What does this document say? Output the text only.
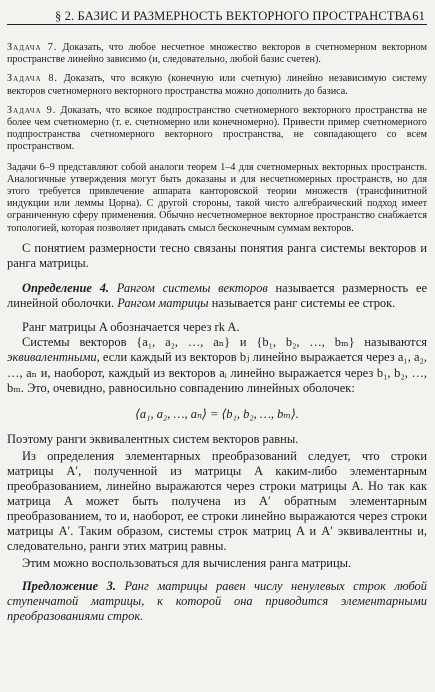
§ 2. БАЗИС И РАЗМЕРНОСТЬ ВЕКТОРНОГО ПРОСТРАНСТВА 61

Задача 7. Доказать, что любое несчетное множество векторов в счетномерном векторном пространстве линейно зависимо (и, следовательно, любой базис счетен).

Задача 8. Доказать, что всякую (конечную или счетную) линейно независимую систему векторов счетномерного векторного пространства можно дополнить до базиса.

Задача 9. Доказать, что всякое подпространство счетномерного векторного пространства не более чем счетномерно (т. е. счетномерно или конечномерно). Привести пример счетномерного подпространства счетномерного векторного пространства, не совпадающего со всем пространством.

Задачи 6–9 представляют собой аналоги теорем 1–4 для счетномерных векторных пространств. Аналогичные утверждения могут быть доказаны и для несчетномерных пространств, но для этого требуется привлечение аппарата канторовской теории множеств (трансфинитной индукции или леммы Цорна). С другой стороны, такой чисто алгебраический подход имеет ограниченную сферу применения. Обычно несчетномерное векторное пространство снабжается топологией, которая позволяет придавать смысл бесконечным суммам векторов.

С понятием размерности тесно связаны понятия ранга системы векторов и ранга матрицы.

Определение 4. Рангом системы векторов называется размерность ее линейной оболочки. Рангом матрицы называется ранг системы ее строк.

Ранг матрицы A обозначается через rk A.

Системы векторов {a₁, a₂, …, aₙ} и {b₁, b₂, …, bₘ} называются эквивалентными, если каждый из векторов bⱼ линейно выражается через a₁, a₂, …, aₙ и, наоборот, каждый из векторов aᵢ линейно выражается через b₁, b₂, …, bₘ. Это, очевидно, равносильно совпадению линейных оболочек:

⟨a₁, a₂, …, aₙ⟩ = ⟨b₁, b₂, …, bₘ⟩.

Поэтому ранги эквивалентных систем векторов равны.

Из определения элементарных преобразований следует, что строки матрицы A′, полученной из матрицы A каким-либо элементарным преобразованием, линейно выражаются через строки матрицы A. Но так как матрица A может быть получена из A′ обратным элементарным преобразованием, то и, наоборот, ее строки линейно выражаются через строки матрицы A′. Таким образом, системы строк матриц A и A′ эквивалентны и, следовательно, ранги этих матриц равны.

Этим можно воспользоваться для вычисления ранга матрицы.

Предложение 3. Ранг матрицы равен числу ненулевых строк любой ступенчатой матрицы, к которой она приводится элементарными преобразованиями строк.
